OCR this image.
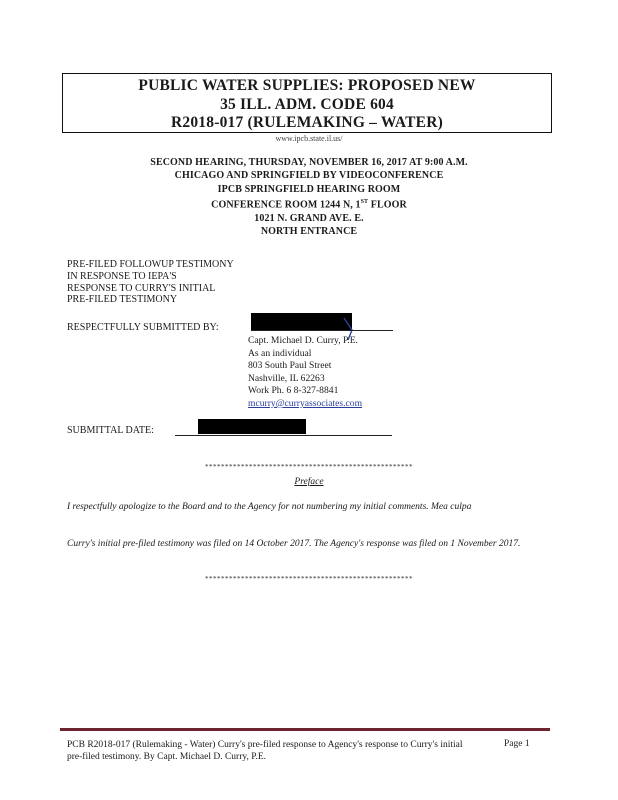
PUBLIC WATER SUPPLIES: PROPOSED NEW
35 ILL. ADM. CODE 604
R2018-017 (RULEMAKING – WATER)
www.ipcb.state.il.us/
SECOND HEARING, THURSDAY, NOVEMBER 16, 2017 AT 9:00 A.M.
CHICAGO AND SPRINGFIELD BY VIDEOCONFERENCE
IPCB SPRINGFIELD HEARING ROOM
CONFERENCE ROOM 1244 N, 1ST FLOOR
1021 N. GRAND AVE. E.
NORTH ENTRANCE
PRE-FILED FOLLOWUP TESTIMONY
IN RESPONSE TO IEPA'S
RESPONSE TO CURRY'S INITIAL
PRE-FILED TESTIMONY
RESPECTFULLY SUBMITTED BY:
Capt. Michael D. Curry, P.E.
As an individual
803 South Paul Street
Nashville, IL 62263
Work Ph. 6 8-327-8841
mcurry@curryassociates.com
SUBMITTAL DATE:
****************************************************
Preface
I respectfully apologize to the Board and to the Agency for not numbering my initial comments. Mea culpa
Curry's initial pre-filed testimony was filed on 14 October 2017. The Agency's response was filed on 1 November 2017.
****************************************************
PCB R2018-017 (Rulemaking - Water) Curry's pre-filed response to Agency's response to Curry's initial pre-filed testimony. By Capt. Michael D. Curry, P.E.
Page 1
